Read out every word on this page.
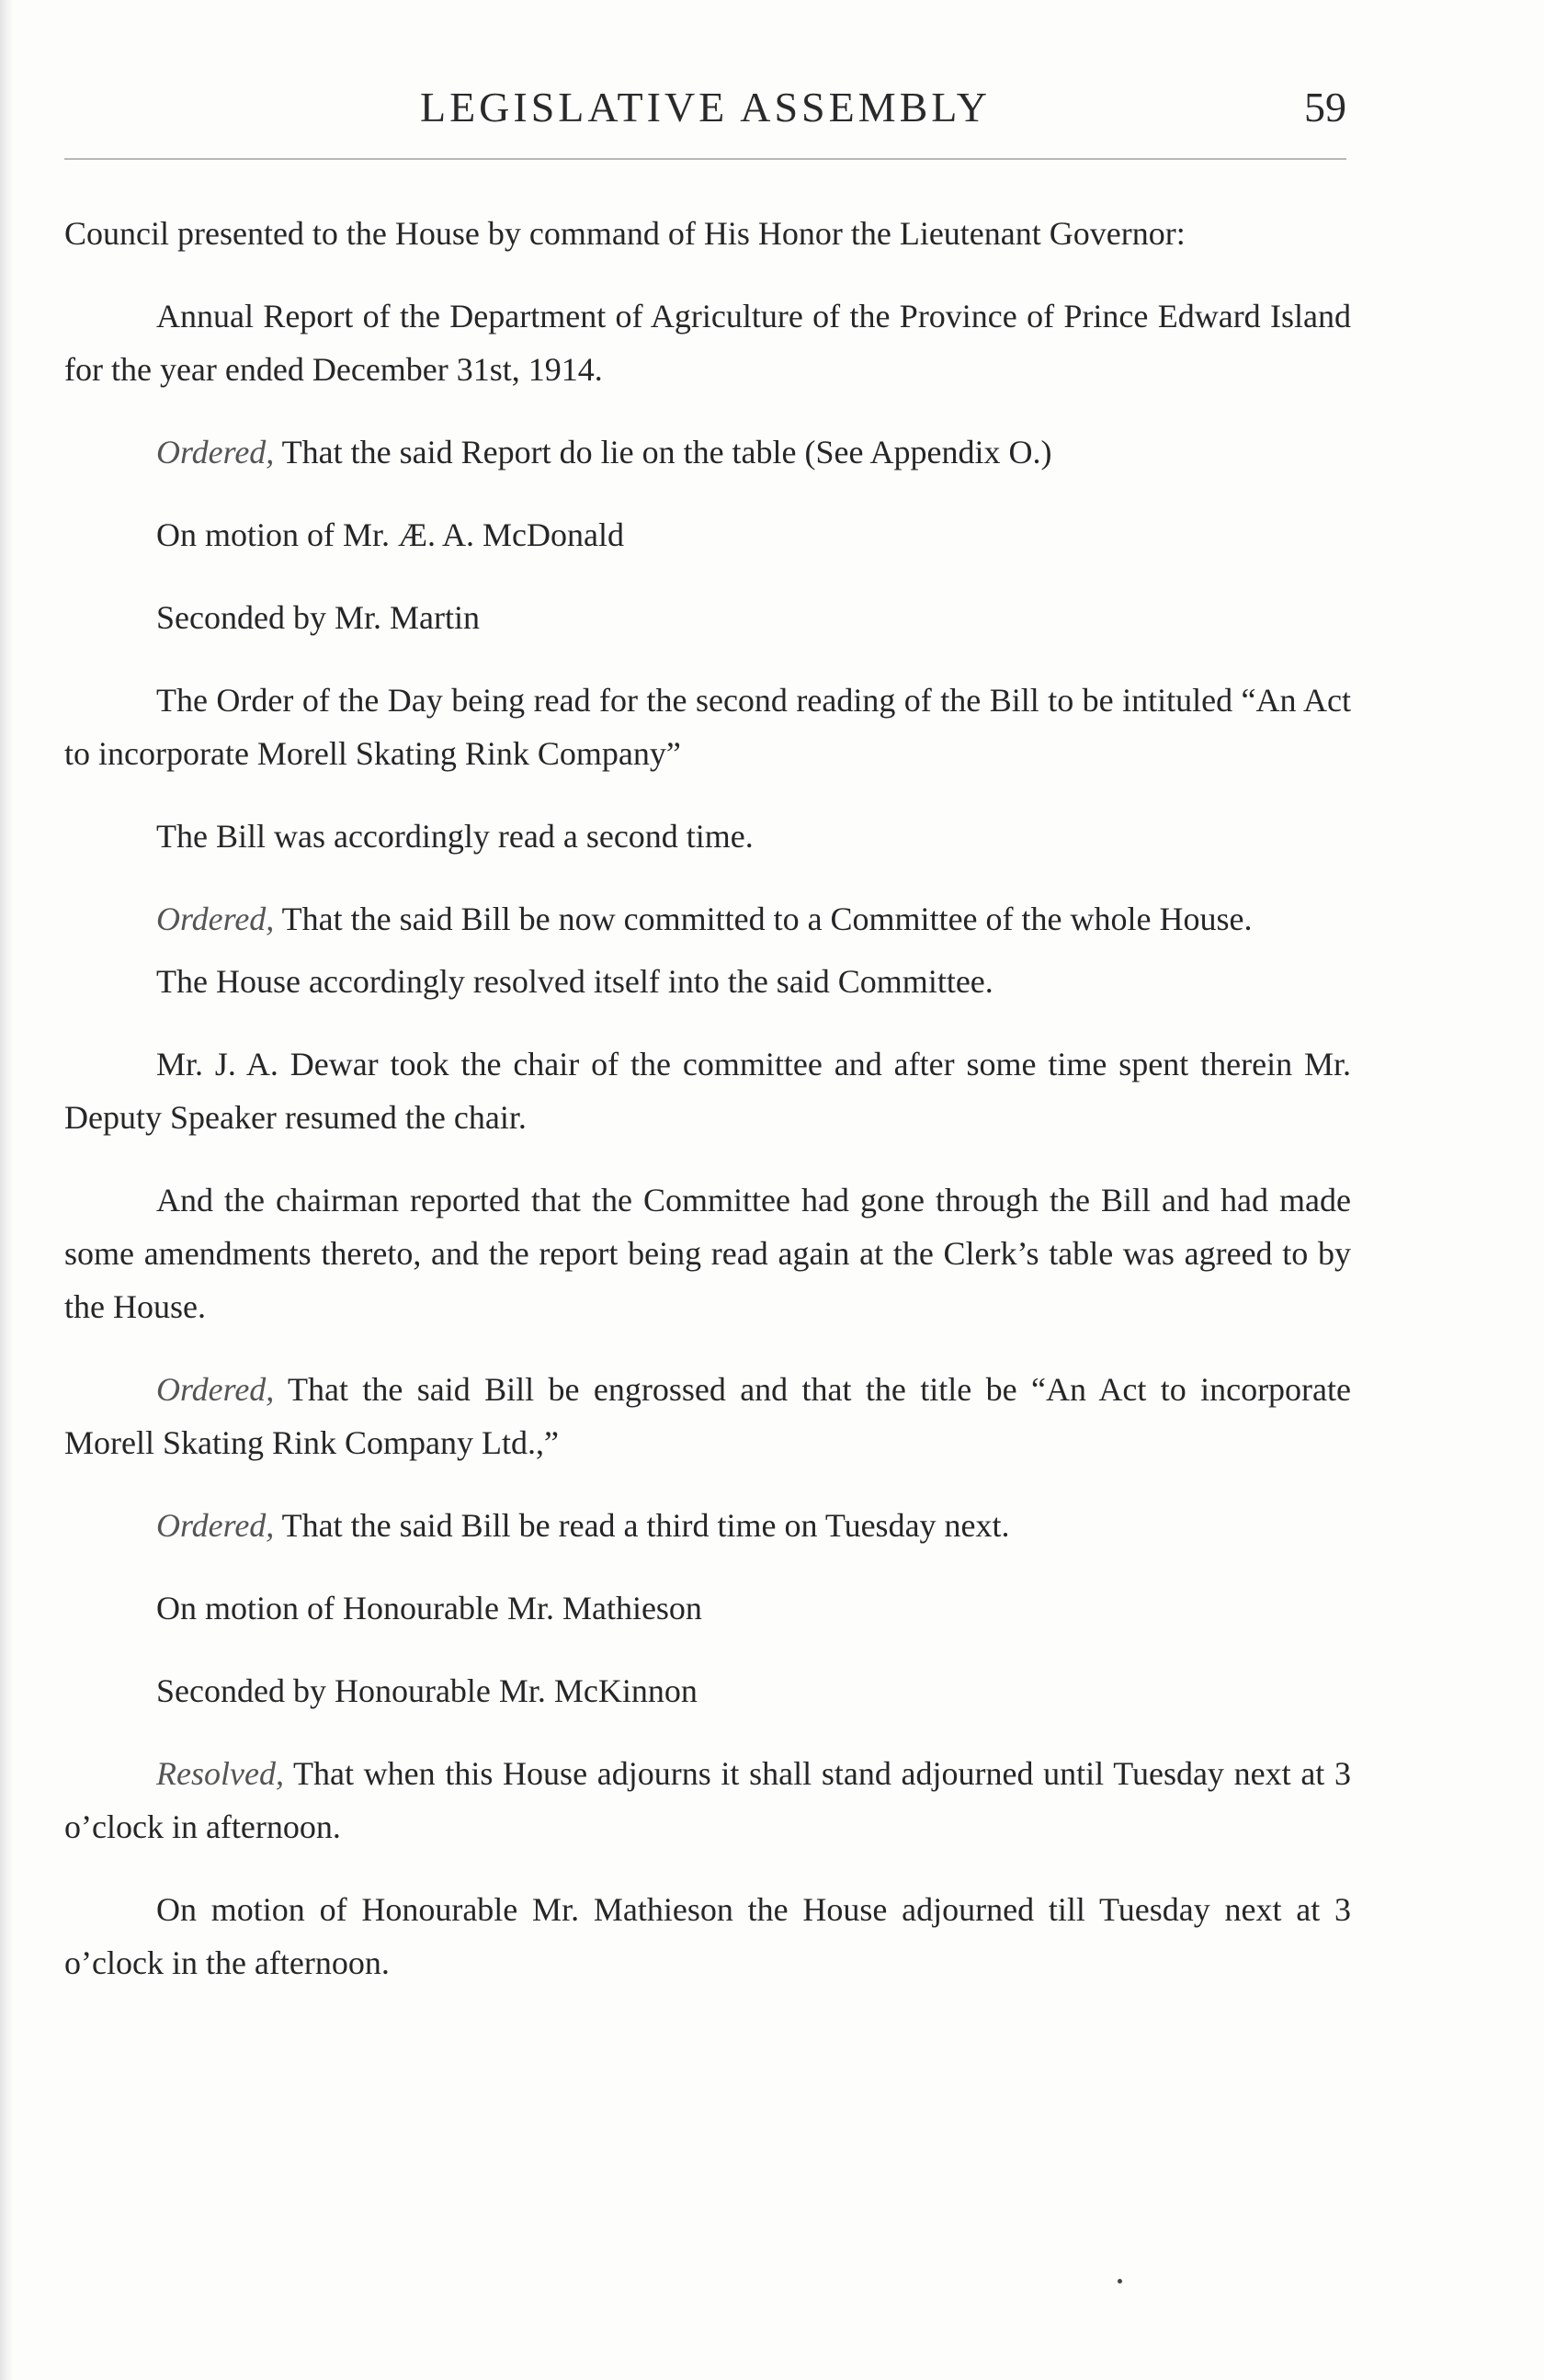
LEGISLATIVE ASSEMBLY	59

Council presented to the House by command of His Honor the Lieutenant Governor:

Annual Report of the Department of Agriculture of the Province of Prince Edward Island for the year ended December 31st, 1914.

Ordered, That the said Report do lie on the table (See Appendix O.)

On motion of Mr. Æ. A. McDonald

Seconded by Mr. Martin

The Order of the Day being read for the second reading of the Bill to be intituled “An Act to incorporate Morell Skating Rink Company”

The Bill was accordingly read a second time.

Ordered, That the said Bill be now committed to a Committee of the whole House.

The House accordingly resolved itself into the said Committee.

Mr. J. A. Dewar took the chair of the committee and after some time spent therein Mr. Deputy Speaker resumed the chair.

And the chairman reported that the Committee had gone through the Bill and had made some amendments thereto, and the report being read again at the Clerk’s table was agreed to by the House.

Ordered, That the said Bill be engrossed and that the title be “An Act to incorporate Morell Skating Rink Company Ltd.,”

Ordered, That the said Bill be read a third time on Tuesday next.

On motion of Honourable Mr. Mathieson

Seconded by Honourable Mr. McKinnon

Resolved, That when this House adjourns it shall stand adjourned until Tuesday next at 3 o’clock in afternoon.

On motion of Honourable Mr. Mathieson the House adjourned till Tuesday next at 3 o’clock in the afternoon.
